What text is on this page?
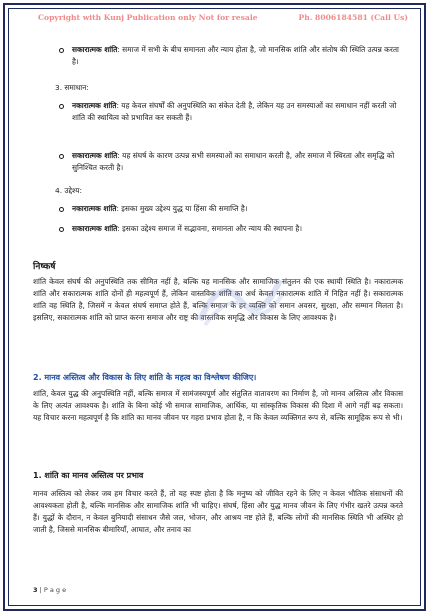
Copyright with Kunj Publication only Not for resale	Ph. 8006184581 (Call Us)

सकारात्मक शांति: समाज में सभी के बीच समानता और न्याय होता है, जो मानसिक शांति और संतोष की स्थिति उत्पन्न करता है।

3. समाधान:

नकारात्मक शांति: यह केवल संघर्षों की अनुपस्थिति का संकेत देती है, लेकिन यह उन समस्याओं का समाधान नहीं करती जो शांति की स्थायित्व को प्रभावित कर सकती हैं।

सकारात्मक शांति: यह संघर्ष के कारण उत्पन्न सभी समस्याओं का समाधान करती है, और समाज में स्थिरता और समृद्धि को सुनिश्चित करती है।

4. उद्देश्य:

नकारात्मक शांति: इसका मुख्य उद्देश्य युद्ध या हिंसा की समाप्ति है।

सकारात्मक शांति: इसका उद्देश्य समाज में सद्भावना, समानता और न्याय की स्थापना है।

निष्कर्ष

शांति केवल संघर्ष की अनुपस्थिति तक सीमित नहीं है, बल्कि यह मानसिक और सामाजिक संतुलन की एक स्थायी स्थिति है। नकारात्मक शांति और सकारात्मक शांति दोनों ही महत्वपूर्ण हैं, लेकिन वास्तविक शांति का अर्थ केवल नकारात्मक शांति में निहित नहीं है। सकारात्मक शांति वह स्थिति है, जिसमें न केवल संघर्ष समाप्त होते हैं, बल्कि समाज के हर व्यक्ति को समान अवसर, सुरक्षा, और सम्मान मिलता है। इसलिए, सकारात्मक शांति को प्राप्त करना समाज और राष्ट्र की वास्तविक समृद्धि और विकास के लिए आवश्यक है।

2. मानव अस्तित्व और विकास के लिए शांति के महत्व का विश्लेषण कीजिए।

शांति, केवल युद्ध की अनुपस्थिति नहीं, बल्कि समाज में सामंजस्यपूर्ण और संतुलित वातावरण का निर्माण है, जो मानव अस्तित्व और विकास के लिए अत्यंत आवश्यक है। शांति के बिना कोई भी समाज सामाजिक, आर्थिक, या सांस्कृतिक विकास की दिशा में आगे नहीं बढ़ सकता। यह विचार करना महत्वपूर्ण है कि शांति का मानव जीवन पर गहरा प्रभाव होता है, न कि केवल व्यक्तिगत रूप से, बल्कि सामूहिक रूप से भी।

1. शांति का मानव अस्तित्व पर प्रभाव

मानव अस्तित्व को लेकर जब हम विचार करते हैं, तो यह स्पष्ट होता है कि मनुष्य को जीवित रहने के लिए न केवल भौतिक संसाधनों की आवश्यकता होती है, बल्कि मानसिक और सामाजिक शांति भी चाहिए। संघर्ष, हिंसा और युद्ध मानव जीवन के लिए गंभीर खतरे उत्पन्न करते हैं। युद्धों के दौरान, न केवल बुनियादी संसाधन जैसे जल, भोजन, और आश्रय नष्ट होते हैं, बल्कि लोगों की मानसिक स्थिति भी अस्थिर हो जाती है, जिससे मानसिक बीमारियाँ, आघात, और तनाव का

3 | P a g e
